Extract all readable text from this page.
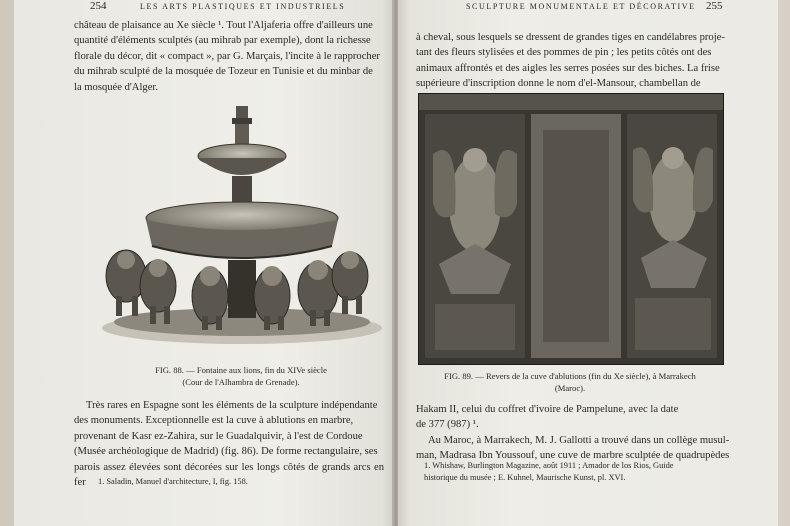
254	LES ARTS PLASTIQUES ET INDUSTRIELS
château de plaisance au Xe siècle ¹. Tout l'Aljaferia offre d'ailleurs une
quantité d'éléments sculptés (au mihrab par exemple), dont la richesse
florale du décor, dit « compact », par G. Marçais, l'incite à le rapprocher
du mihrab sculpté de la mosquée de Tozeur en Tunisie et du minbar de
la mosquée d'Alger.
FIG. 88. — Fontaine aux lions, fin du XIVe siècle
(Cour de l'Alhambra de Grenade).
Très rares en Espagne sont les éléments de la sculpture indépendante
des monuments. Exceptionnelle est la cuve à ablutions en marbre,
provenant de Kasr ez-Zahira, sur le Guadalquivir, à l'est de Cordoue
(Musée archéologique de Madrid) (fig. 86). De forme rectangulaire, ses
parois assez élevées sont décorées sur les longs côtés de grands arcs en fer	1. Saladin, Manuel d'architecture, I, fig. 158.
SCULPTURE MONUMENTALE ET DÉCORATIVE 255
à cheval, sous lesquels se dressent de grandes tiges en candélabres proje-
tant des fleurs stylisées et des pommes de pin ; les petits côtés ont des
animaux affrontés et des aigles les serres posées sur des biches. La frise
supérieure d'inscription donne le nom d'el-Mansour, chambellan de
FIG. 89. — Revers de la cuve d'ablutions (fin du Xe siècle), à Marrakech
(Maroc).
Hakam II, celui du coffret d'ivoire de Pampelune, avec la date
de 377 (987) ¹.
Au Maroc, à Marrakech, M. J. Gallotti a trouvé dans un collège musul-
man, Madrasa Ibn Youssouf, une cuve de marbre sculptée de quadrupèdes
1. Whishaw, Burlington Magazine, août 1911 ; Amador de los Rios, Guide
historique du musée ; E. Kuhnel, Maurische Kunst, pl. XVI.
